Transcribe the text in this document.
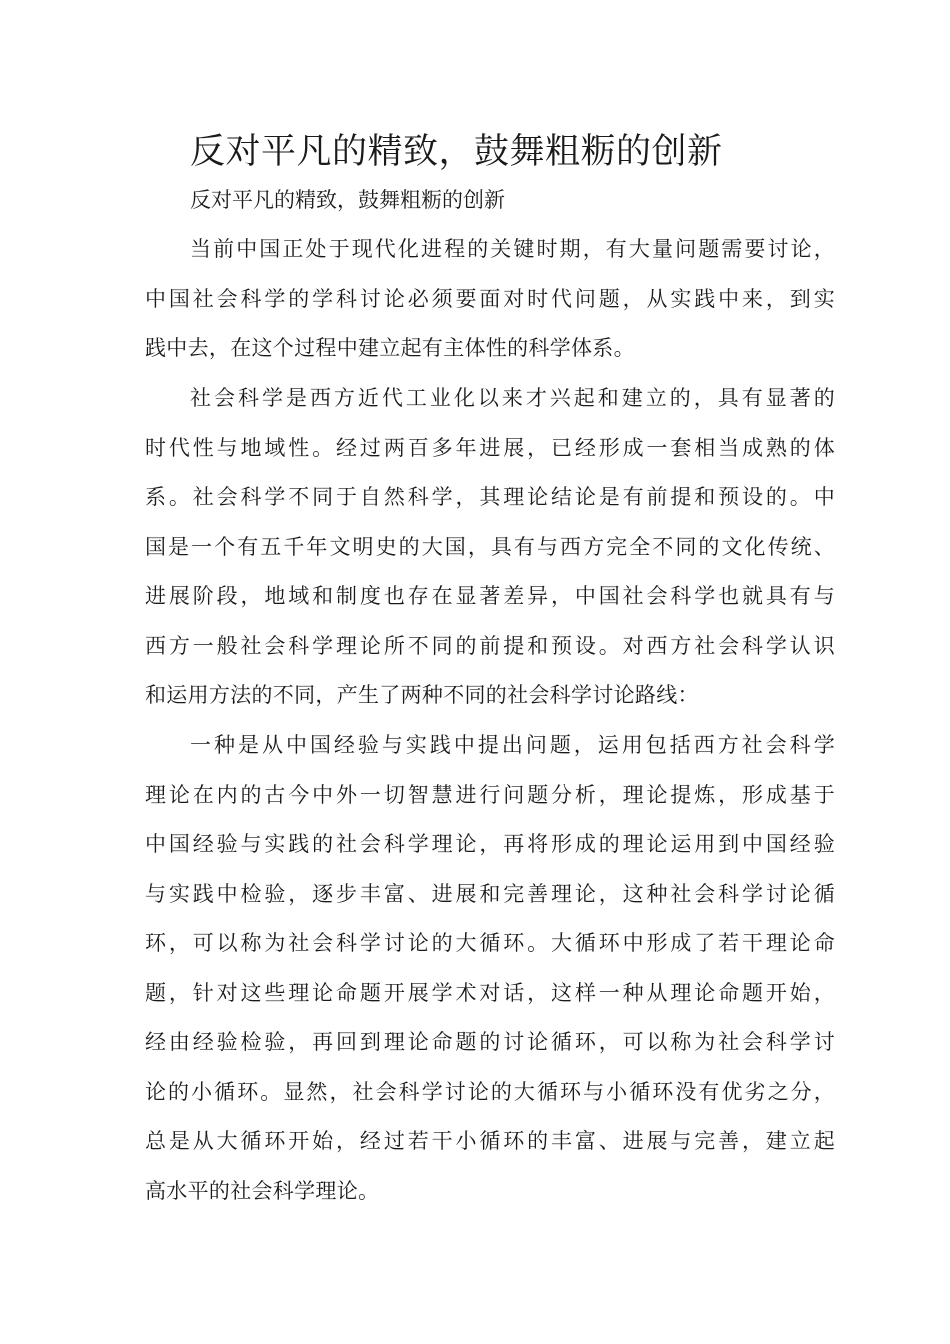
反对平凡的精致，鼓舞粗粝的创新

反对平凡的精致，鼓舞粗粝的创新

当前中国正处于现代化进程的关键时期，有大量问题需要讨论，
中国社会科学的学科讨论必须要面对时代问题，从实践中来，到实
践中去，在这个过程中建立起有主体性的科学体系。
社会科学是西方近代工业化以来才兴起和建立的，具有显著的
时代性与地域性。经过两百多年进展，已经形成一套相当成熟的体
系。社会科学不同于自然科学，其理论结论是有前提和预设的。中
国是一个有五千年文明史的大国，具有与西方完全不同的文化传统、
进展阶段，地域和制度也存在显著差异，中国社会科学也就具有与
西方一般社会科学理论所不同的前提和预设。对西方社会科学认识
和运用方法的不同，产生了两种不同的社会科学讨论路线：
一种是从中国经验与实践中提出问题，运用包括西方社会科学
理论在内的古今中外一切智慧进行问题分析，理论提炼，形成基于
中国经验与实践的社会科学理论，再将形成的理论运用到中国经验
与实践中检验，逐步丰富、进展和完善理论，这种社会科学讨论循
环，可以称为社会科学讨论的大循环。大循环中形成了若干理论命
题，针对这些理论命题开展学术对话，这样一种从理论命题开始，
经由经验检验，再回到理论命题的讨论循环，可以称为社会科学讨
论的小循环。显然，社会科学讨论的大循环与小循环没有优劣之分，
总是从大循环开始，经过若干小循环的丰富、进展与完善，建立起
高水平的社会科学理论。
